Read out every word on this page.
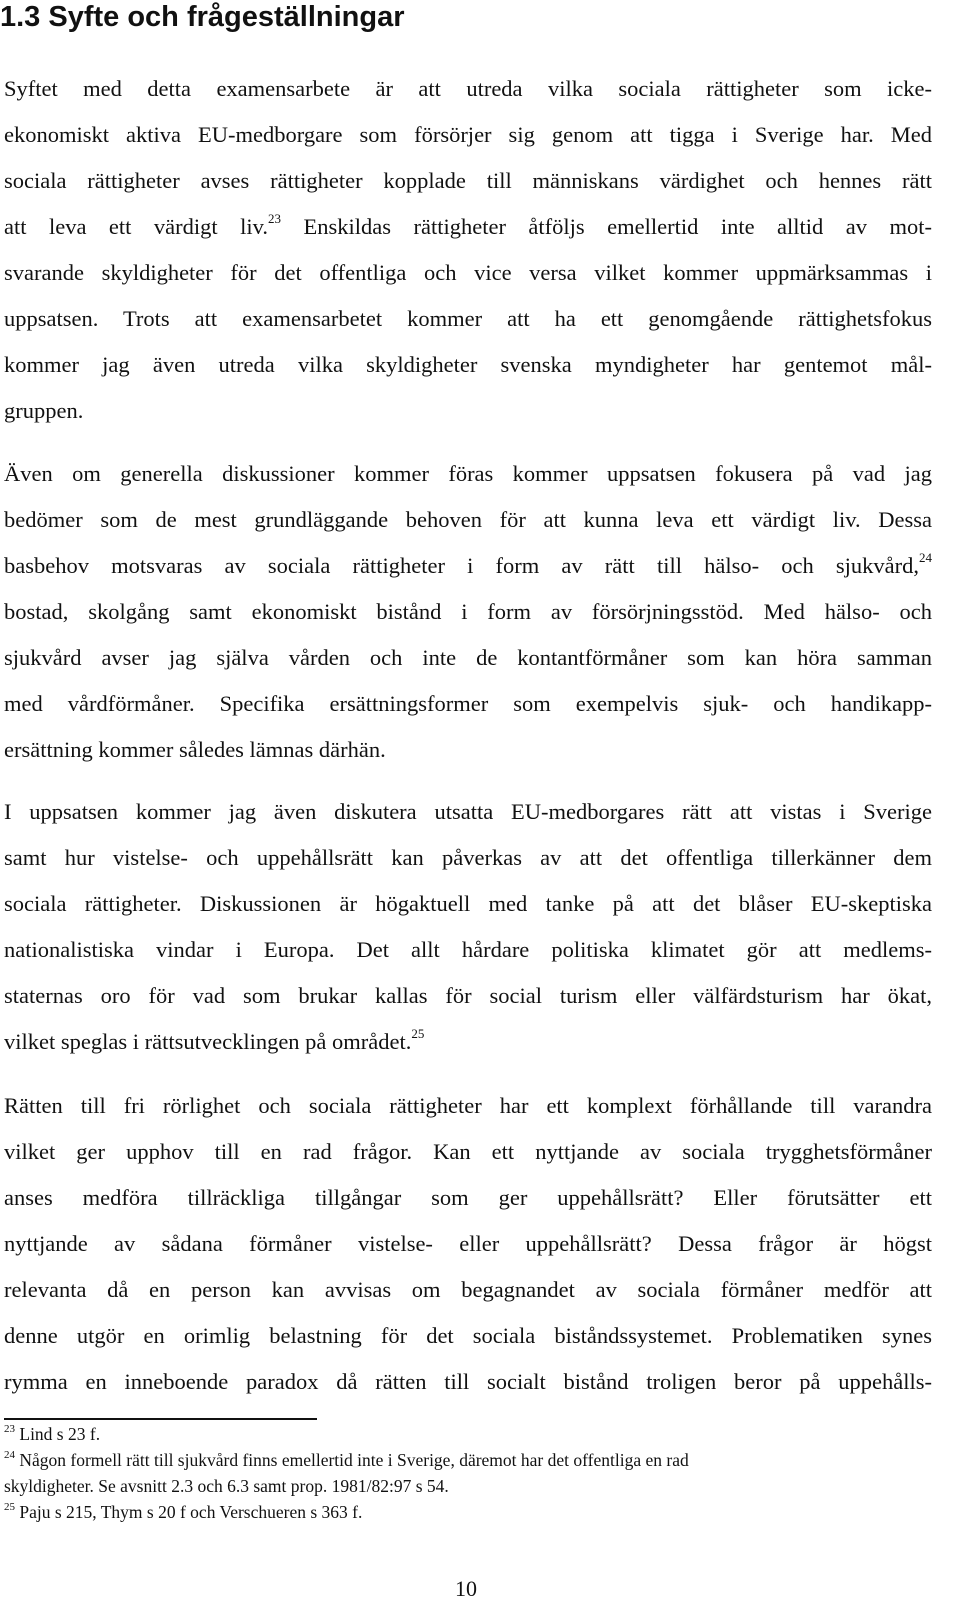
1.3 Syfte och frågeställningar

Syftet med detta examensarbete är att utreda vilka sociala rättigheter som icke-
ekonomiskt aktiva EU-medborgare som försörjer sig genom att tigga i Sverige har. Med
sociala rättigheter avses rättigheter kopplade till människans värdighet och hennes rätt
att leva ett värdigt liv.$^{23}$ Enskildas rättigheter åtföljs emellertid inte alltid av mot-
svarande skyldigheter för det offentliga och vice versa vilket kommer uppmärksammas i
uppsatsen. Trots att examensarbetet kommer att ha ett genomgående rättighetsfokus
kommer jag även utreda vilka skyldigheter svenska myndigheter har gentemot mål-
gruppen.

Även om generella diskussioner kommer föras kommer uppsatsen fokusera på vad jag
bedömer som de mest grundläggande behoven för att kunna leva ett värdigt liv. Dessa
basbehov motsvaras av sociala rättigheter i form av rätt till hälso- och sjukvård,$^{24}$
bostad, skolgång samt ekonomiskt bistånd i form av försörjningsstöd. Med hälso- och
sjukvård avser jag själva vården och inte de kontantförmåner som kan höra samman
med vårdförmåner. Specifika ersättningsformer som exempelvis sjuk- och handikapp-
ersättning kommer således lämnas därhän.

I uppsatsen kommer jag även diskutera utsatta EU-medborgares rätt att vistas i Sverige
samt hur vistelse- och uppehållsrätt kan påverkas av att det offentliga tillerkänner dem
sociala rättigheter. Diskussionen är högaktuell med tanke på att det blåser EU-skeptiska
nationalistiska vindar i Europa. Det allt hårdare politiska klimatet gör att medlems-
staternas oro för vad som brukar kallas för social turism eller välfärdsturism har ökat,
vilket speglas i rättsutvecklingen på området.$^{25}$

Rätten till fri rörlighet och sociala rättigheter har ett komplext förhållande till varandra
vilket ger upphov till en rad frågor. Kan ett nyttjande av sociala trygghetsförmåner
anses medföra tillräckliga tillgångar som ger uppehållsrätt? Eller förutsätter ett
nyttjande av sådana förmåner vistelse- eller uppehållsrätt? Dessa frågor är högst
relevanta då en person kan avvisas om begagnandet av sociala förmåner medför att
denne utgör en orimlig belastning för det sociala biståndssystemet. Problematiken synes
rymma en inneboende paradox då rätten till socialt bistånd troligen beror på uppehålls-

$^{23}$ Lind s 23 f.
$^{24}$ Någon formell rätt till sjukvård finns emellertid inte i Sverige, däremot har det offentliga en rad
skyldigheter. Se avsnitt 2.3 och 6.3 samt prop. 1981/82:97 s 54.
$^{25}$ Paju s 215, Thym s 20 f och Verschueren s 363 f.
10
